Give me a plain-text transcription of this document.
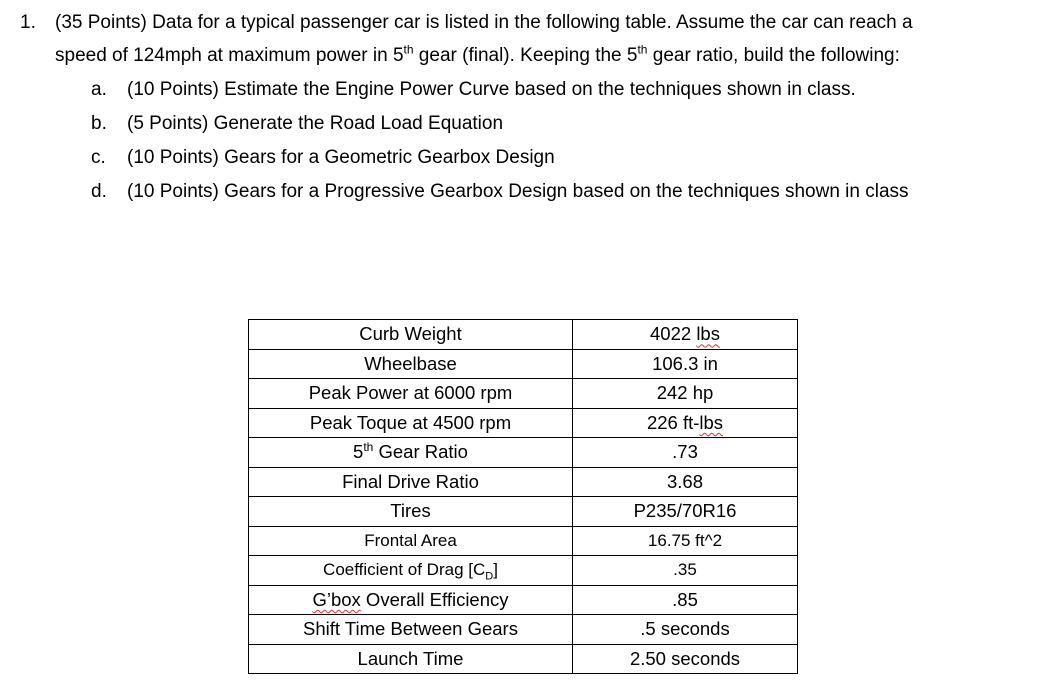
1. (35 Points) Data for a typical passenger car is listed in the following table. Assume the car can reach a
speed of 124mph at maximum power in 5th gear (final). Keeping the 5th gear ratio, build the following:
a. (10 Points) Estimate the Engine Power Curve based on the techniques shown in class.
b. (5 Points) Generate the Road Load Equation
c. (10 Points) Gears for a Geometric Gearbox Design
d. (10 Points) Gears for a Progressive Gearbox Design based on the techniques shown in class
Curb Weight	4022 lbs
Wheelbase	106.3 in
Peak Power at 6000 rpm	242 hp
Peak Toque at 4500 rpm	226 ft-lbs
5th Gear Ratio	.73
Final Drive Ratio	3.68
Tires	P235/70R16
Frontal Area	16.75 ft^2
Coefficient of Drag $[C_D]$	.35
G’box Overall Efficiency	.85
Shift Time Between Gears	.5 seconds
Launch Time	2.50 seconds
